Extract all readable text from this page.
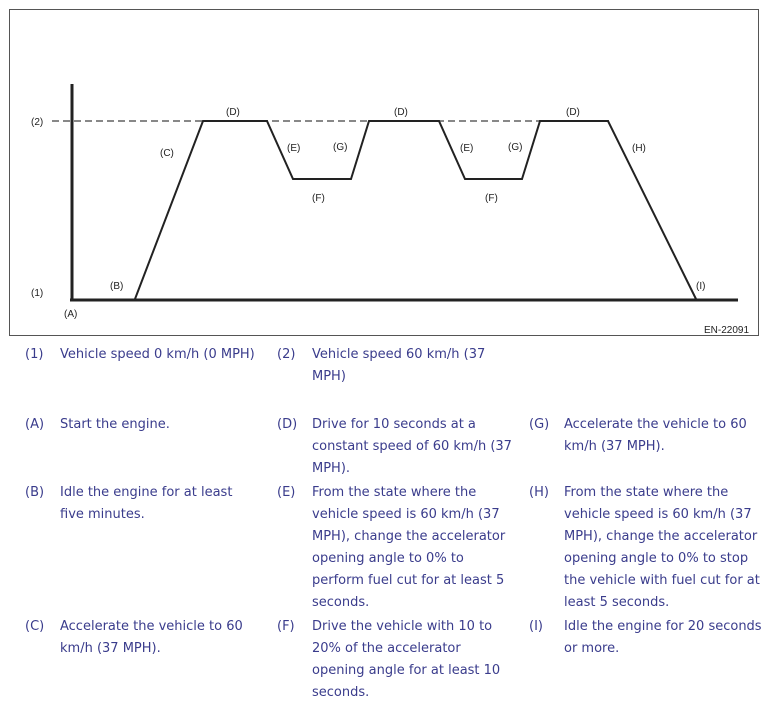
(2)
(1)
(A)
(B)
(C)
(D)
(E)	(G)
(F)
(D)
(E)	(G)
(F)
(D)
(H)
(I)
EN-22091
(1) Vehicle speed 0 km/h (0 MPH)	(2) Vehicle speed 60 km/h (37 MPH)
(A) Start the engine.
(B) Idle the engine for at least five minutes.
(C) Accelerate the vehicle to 60 km/h (37 MPH).
(D) Drive for 10 seconds at a constant speed of 60 km/h (37 MPH).
(E) From the state where the vehicle speed is 60 km/h (37 MPH), change the accelerator opening angle to 0% to perform fuel cut for at least 5 seconds.
(F) Drive the vehicle with 10 to 20% of the accelerator opening angle for at least 10 seconds.
(G) Accelerate the vehicle to 60 km/h (37 MPH).
(H) From the state where the vehicle speed is 60 km/h (37 MPH), change the accelerator opening angle to 0% to stop the vehicle with fuel cut for at least 5 seconds.
(I) Idle the engine for 20 seconds or more.
